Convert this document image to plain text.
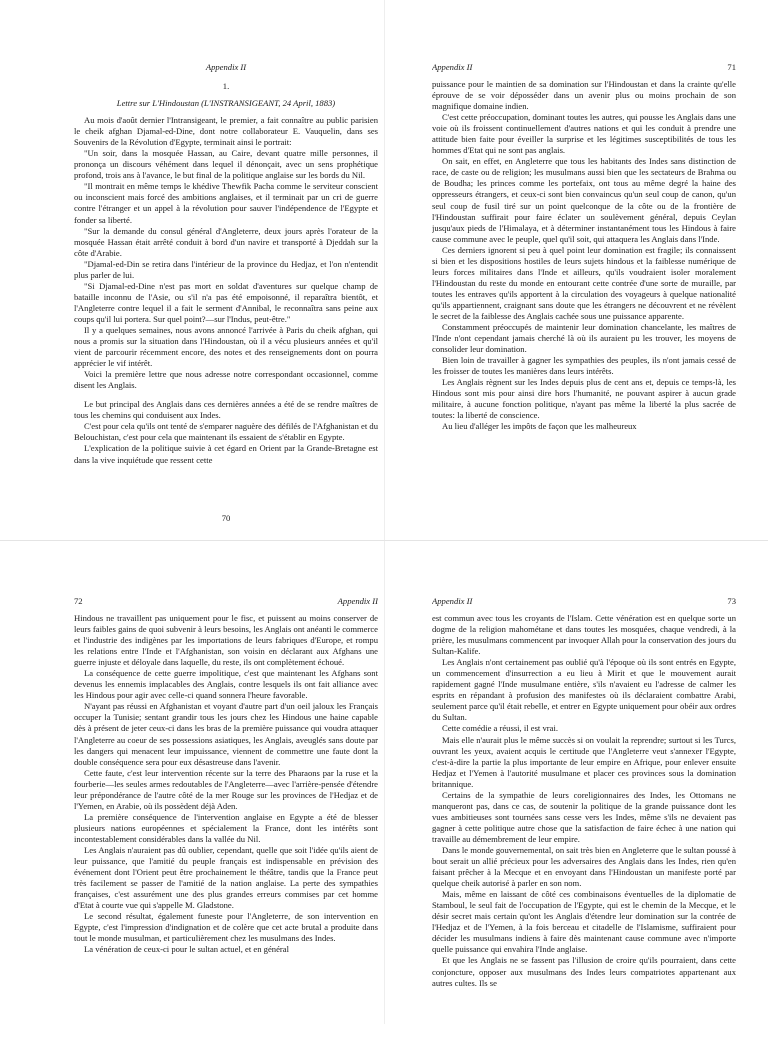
Appendix II
1.
Lettre sur L'Hindoustan (L'INSTRANSIGEANT, 24 April, 1883)

Au mois d'août dernier l'Intransigeant, le premier, a fait connaître au public parisien le cheik afghan Djamal-ed-Dine, dont notre collaborateur E. Vauquelin, dans ses Souvenirs de la Révolution d'Egypte, terminait ainsi le portrait:

"Un soir, dans la mosquée Hassan, au Caire, devant quatre mille personnes, il prononça un discours véhément dans lequel il dénonçait, avec un sens prophétique profond, trois ans à l'avance, le but final de la politique anglaise sur les bords du Nil.

"Il montrait en même temps le khédive Thewfik Pacha comme le serviteur conscient ou inconscient mais forcé des ambitions anglaises, et il terminait par un cri de guerre contre l'étranger et un appel à la révolution pour sauver l'indépendence de l'Egypte et fonder sa liberté.

"Sur la demande du consul général d'Angleterre, deux jours après l'orateur de la mosquée Hassan était arrêté conduit à bord d'un navire et transporté à Djeddah sur la côte d'Arabie.

"Djamal-ed-Din se retira dans l'intérieur de la province du Hedjaz, et l'on n'entendit plus parler de lui.

"Si Djamal-ed-Dine n'est pas mort en soldat d'aventures sur quelque champ de bataille inconnu de l'Asie, ou s'il n'a pas été empoisonné, il reparaîtra bientôt, et l'Angleterre contre lequel il a fait le serment d'Annibal, le reconnaîtra sans peine aux coups qu'il lui portera. Sur quel point?—sur l'Indus, peut-être."

Il y a quelques semaines, nous avons annoncé l'arrivée à Paris du cheik afghan, qui nous a promis sur la situation dans l'Hindoustan, où il a vécu plusieurs années et qu'il vient de parcourir récemment encore, des notes et des renseignements dont on pourra apprécier le vif intérêt.

Voici la première lettre que nous adresse notre correspondant occasionnel, comme disent les Anglais.

Le but principal des Anglais dans ces dernières années a été de se rendre maîtres de tous les chemins qui conduisent aux Indes.

C'est pour cela qu'ils ont tenté de s'emparer naguère des défilés de l'Afghanistan et du Belouchistan, c'est pour cela que maintenant ils essaient de s'établir en Egypte.

L'explication de la politique suivie à cet égard en Orient par la Grande-Bretagne est dans la vive inquiétude que ressent cette

70
Appendix II	71

puissance pour le maintien de sa domination sur l'Hindoustan et dans la crainte qu'elle éprouve de se voir déposséder dans un avenir plus ou moins prochain de son magnifique domaine indien.

C'est cette préoccupation, dominant toutes les autres, qui pousse les Anglais dans une voie où ils froissent continuellement d'autres nations et qui les conduit à prendre une attitude bien faite pour éveiller la surprise et les légitimes susceptibilités de tous les hommes d'Etat qui ne sont pas anglais.

On sait, en effet, en Angleterre que tous les habitants des Indes sans distinction de race, de caste ou de religion; les musulmans aussi bien que les sectateurs de Brahma ou de Boudha; les princes comme les portefaix, ont tous au même degré la haine des oppresseurs étrangers, et ceux-ci sont bien convaincus qu'un seul coup de canon, qu'un seul coup de fusil tiré sur un point quelconque de la côte ou de la frontière de l'Hindoustan suffirait pour faire éclater un soulèvement général, depuis Ceylan jusqu'aux pieds de l'Himalaya, et à déterminer instantanément tous les Hindous à faire cause commune avec le peuple, quel qu'il soit, qui attaquera les Anglais dans l'Inde.

Ces derniers ignorent si peu à quel point leur domination est fragile; ils connaissent si bien et les dispositions hostiles de leurs sujets hindous et la faiblesse numérique de leurs forces militaires dans l'Inde et ailleurs, qu'ils voudraient isoler moralement l'Hindoustan du reste du monde en entourant cette contrée d'une sorte de muraille, par toutes les entraves qu'ils apportent à la circulation des voyageurs à quelque nationalité qu'ils appartiennent, craignant sans doute que les étrangers ne découvrent et ne révèlent le secret de la faiblesse des Anglais cachée sous une puissance apparente.

Constamment préoccupés de maintenir leur domination chancelante, les maîtres de l'Inde n'ont cependant jamais cherché là où ils auraient pu les trouver, les moyens de consolider leur domination.

Bien loin de travailler à gagner les sympathies des peuples, ils n'ont jamais cessé de les froisser de toutes les manières dans leurs intérêts.

Les Anglais règnent sur les Indes depuis plus de cent ans et, depuis ce temps-là, les Hindous sont mis pour ainsi dire hors l'humanité, ne pouvant aspirer à aucun grade militaire, à aucune fonction politique, n'ayant pas même la liberté la plus sacrée de toutes: la liberté de conscience.

Au lieu d'alléger les impôts de façon que les malheureux

72	Appendix II

Hindous ne travaillent pas uniquement pour le fisc, et puissent au moins conserver de leurs faibles gains de quoi subvenir à leurs besoins, les Anglais ont anéanti le commerce et l'industrie des indigènes par les importations de leurs fabriques d'Europe, et rompu les relations entre l'Inde et l'Afghanistan, son voisin en déclarant aux Afghans une guerre injuste et déloyale dans laquelle, du reste, ils ont complètement échoué.

La conséquence de cette guerre impolitique, c'est que maintenant les Afghans sont devenus les ennemis implacables des Anglais, contre lesquels ils ont fait alliance avec les Hindous pour agir avec celle-ci quand sonnera l'heure favorable.

N'ayant pas réussi en Afghanistan et voyant d'autre part d'un oeil jaloux les Français occuper la Tunisie; sentant grandir tous les jours chez les Hindous une haine capable dès à présent de jeter ceux-ci dans les bras de la première puissance qui voudra attaquer l'Angleterre au coeur de ses possessions asiatiques, les Anglais, aveuglés sans doute par les dangers qui menacent leur impuissance, viennent de commettre une faute dont la double conséquence sera pour eux désastreuse dans l'avenir.

Cette faute, c'est leur intervention récente sur la terre des Pharaons par la ruse et la fourberie—les seules armes redoutables de l'Angleterre—avec l'arrière-pensée d'étendre leur prépondérance de l'autre côté de la mer Rouge sur les provinces de l'Hedjaz et de l'Yemen, en Arabie, où ils possèdent déjà Aden.

La première conséquence de l'intervention anglaise en Egypte a été de blesser plusieurs nations européennes et spécialement la France, dont les intérêts sont incontestablement considérables dans la vallée du Nil.

Les Anglais n'auraient pas dû oublier, cependant, quelle que soit l'idée qu'ils aient de leur puissance, que l'amitié du peuple français est indispensable en prévision des événement dont l'Orient peut être prochainement le théâtre, tandis que la France peut très facilement se passer de l'amitié de la nation anglaise. La perte des sympathies françaises, c'est assurément une des plus grandes erreurs commises par cet homme d'Etat à courte vue qui s'appelle M. Gladstone.

Le second résultat, également funeste pour l'Angleterre, de son intervention en Egypte, c'est l'impression d'indignation et de colère que cet acte brutal a produite dans tout le monde musulman, et particulièrement chez les musulmans des Indes.

La vénération de ceux-ci pour le sultan actuel, et en général

Appendix II	73

est commun avec tous les croyants de l'Islam. Cette vénération est en quelque sorte un dogme de la religion mahométane et dans toutes les mosquées, chaque vendredi, à la prière, les musulmans commencent par invoquer Allah pour la conservation des jours du Sultan-Kalife.

Les Anglais n'ont certainement pas oublié qu'à l'époque où ils sont entrés en Egypte, un commencement d'insurrection a eu lieu à Mirit et que le mouvement aurait rapidement gagné l'Inde musulmane entière, s'ils n'avaient eu l'adresse de calmer les esprits en répandant à profusion des manifestes où ils déclaraient combattre Arabi, seulement parce qu'il était rebelle, et entrer en Egypte uniquement pour obéir aux ordres du Sultan.

Cette comédie a réussi, il est vrai.

Mais elle n'aurait plus le même succès si on voulait la reprendre; surtout si les Turcs, ouvrant les yeux, avaient acquis le certitude que l'Angleterre veut s'annexer l'Egypte, c'est-à-dire la partie la plus importante de leur empire en Afrique, pour enlever ensuite Hedjaz et l'Yemen à l'autorité musulmane et placer ces provinces sous la domination britannique.

Certains de la sympathie de leurs coreligionnaires des Indes, les Ottomans ne manqueront pas, dans ce cas, de soutenir la politique de la grande puissance dont les vues ambitieuses sont tournées sans cesse vers les Indes, même s'ils ne devaient pas gagner à cette politique autre chose que la satisfaction de faire échec à une nation qui travaille au démembrement de leur empire.

Dans le monde gouvernemental, on sait très bien en Angleterre que le sultan poussé à bout serait un allié précieux pour les adversaires des Anglais dans les Indes, rien qu'en faisant prêcher à la Mecque et en envoyant dans l'Hindoustan un manifeste porté par quelque cheik autorisé à parler en son nom.

Mais, même en laissant de côté ces combinaisons éventuelles de la diplomatie de Stamboul, le seul fait de l'occupation de l'Egypte, qui est le chemin de la Mecque, et le désir secret mais certain qu'ont les Anglais d'étendre leur domination sur la contrée de l'Hedjaz et de l'Yemen, à la fois berceau et citadelle de l'Islamisme, suffiraient pour décider les musulmans indiens à faire dès maintenant cause commune avec n'importe quelle puissance qui envahira l'Inde anglaise.

Et que les Anglais ne se fassent pas l'illusion de croire qu'ils pourraient, dans cette conjoncture, opposer aux musulmans des Indes leurs compatriotes appartenant aux autres cultes. Ils se
